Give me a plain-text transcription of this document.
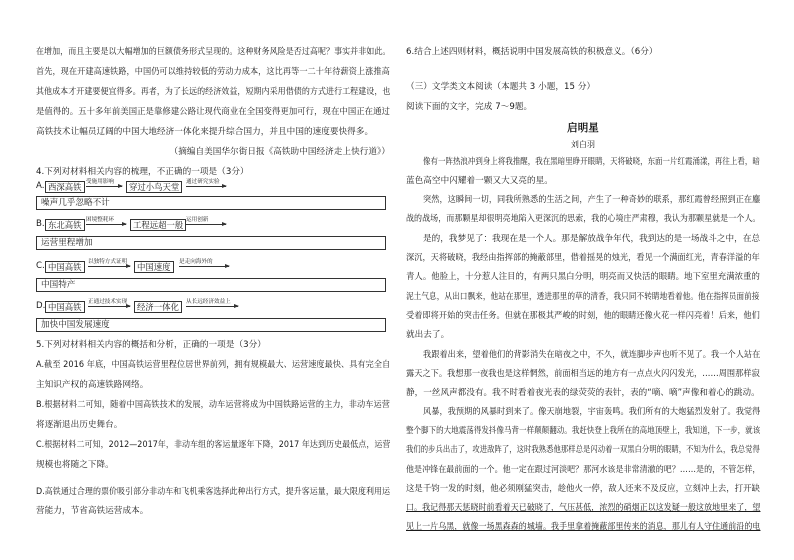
在增加，而且主要是以大幅增加的巨额债务形式呈现的。这种财务风险是否过高呢？事实并非如此。
首先，现在开建高速铁路，中国仍可以维持较低的劳动力成本，这比再等一二十年待薪资上涨推高
其他成本才开建要便宜得多。再者，为了长远的经济效益，短期内采用借债的方式进行工程建设，也
是值得的。五十多年前美国正是靠修建公路让现代商业在全国变得更加可行，现在中国正在通过
高铁技术让幅员辽阔的中国大地经济一体化来提升综合国力，并且中国的速度要快得多。
（摘编自美国华尔街日报《高铁助中国经济走上快行道》）
4.下列对材料相关内容的梳理，不正确的一项是（3分）
A. 西深高铁 受施用影响	穿过小鸟天堂	通过研究实验
噪声几乎忽略不计
B. 东北高铁 困境整耗环	工程远超一般 运用创新
运营里程增加
C. 中国高铁	以独特方式证明	中国速度	是走向海外的
中国特产
D. 中国高铁	正通过技术实现	经济一体化	从长远经济效益上
加快中国发展速度
5.下列对材料相关内容的概括和分析，正确的一项是（3分）
A.截至 2016 年底，中国高铁运营里程位居世界前列，拥有规模最大、运营速度最快、具有完全自
主知识产权的高速铁路网络。
B.根据材料二可知，随着中国高铁技术的发展，动车运营将成为中国铁路运营的主力，非动车运营
将逐渐退出历史舞台。
C.根据材料二可知，2012—2017年，非动车组的客运量逐年下降，2017 年达到历史最低点，运营
规模也将随之下降。
D.高铁通过合理的票价吸引部分非动车和飞机乘客选择此种出行方式，提升客运量，最大限度利用运
营能力，节省高铁运营成本。
6.结合上述四则材料，概括说明中国发展高铁的积极意义。（6分）
（三）文学类文本阅读（本题共 3 小题，15 分）
阅读下面的文字，完成 7～9题。
启明星
刘白羽
像有一阵热浪冲到身上将我推醒，我在黑暗里睁开眼睛，天将破晓，东面一片红霞涌漾，再往上看，暗
蓝色高空中闪耀着一颗又大又亮的星。
突然，这瞬间一切，同我所熟悉的生活之间，产生了一种奇妙的联系，那红霞曾经照到正在鏖
战的战场，而那颗星却很明亮地陷入更深沉的思索，我的心境庄严肃穆，我认为那颗星就是一个人。
是的，我梦见了：我现在是一个人。那是解放战争年代，我到达的是一场战斗之中，在总
深沉，天将破晓，我经由指挥部的掩蔽部里，借着摇晃的烛光，看见一个满面红光，青春洋溢的年
青人。他脸上，十分惹人注目的，有两只黑白分明，明亮而又快活的眼睛。地下室里充满浓重的
泥土气息，从出口飘来，他站在那里，透进那里的草的清香，我只同不转睛地看着他。他在指挥员面前接
受着即将开始的突击任务。但就在那极其严峻的时刻，他的眼睛还像火花一样闪亮着！后来，他们
就出去了。
我跟着出来，望着他们的背影消失在暗夜之中，不久，就连脚步声也听不见了。我一个人站在
露天之下。我想那一夜我也是这样惘然，前面相当远的地方有一点点火闪闪发光，……周围那样寂
静，一丝风声都没有。我不时看着夜光表的绿荧荧的表针，表的“嘀、嘀”声像和着心的跳动。
风暴，我预期的风暴时到来了。像天崩地裂，宇宙轰鸣。我们所有的大炮猛烈发射了。我觉得
整个脚下的大地震荡得发抖像马背一样颠颠翻动。我赶快登上我所在的高地顶壁上，我知道，下一步，就该
我们的步兵出击了，攻进敌阵了，这时我熟悉他那样总是闪动着一双黑白分明的眼睛，不知为什么，我总觉得
他是冲锋在最前面的一个。他一定在跟过河淡吧？那河水该是非常清澈的吧？……是的，不管怎样，
这是千钧一发的时刻，他必须刚猛突击，趁他火一停，敌人还来不及反应，立刻冲上去，打开缺
口。我记得那天惩晓时前看着天已破晓了，气压甚低，浓烈的硝烟正以这发疑一般这放地里来了，望
见上一片乌黑，就像一场黑森森的城墙。我手里拿着掩蔽部里传来的消息，那儿有人守住通前沿的电
